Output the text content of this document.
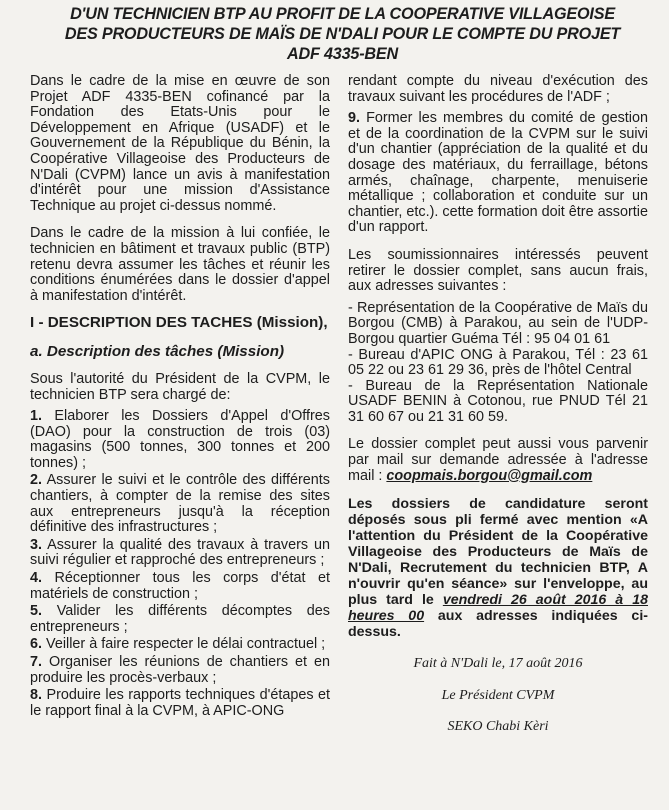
D'UN TECHNICIEN BTP AU PROFIT DE LA COOPERATIVE VILLAGEOISE
DES PRODUCTEURS DE MAÏS DE N'DALI POUR LE COMPTE DU PROJET
ADF 4335-BEN

Dans le cadre de la mise en œuvre de son Projet ADF 4335-BEN cofinancé par la Fondation des Etats-Unis pour le Développement en Afrique (USADF) et le Gouvernement de la République du Bénin, la Coopérative Villageoise des Producteurs de N'Dali (CVPM) lance un avis à manifestation d'intérêt pour une mission d'Assistance Technique au projet ci-dessus nommé.

Dans le cadre de la mission à lui confiée, le technicien en bâtiment et travaux public (BTP) retenu devra assumer les tâches et réunir les conditions énumérées dans le dossier d'appel à manifestation d'intérêt.

I - DESCRIPTION DES TACHES (Mission),
a. Description des tâches (Mission)

Sous l'autorité du Président de la CVPM, le technicien BTP sera chargé de:

1. Elaborer les Dossiers d'Appel d'Offres (DAO) pour la construction de trois (03) magasins (500 tonnes, 300 tonnes et 200 tonnes) ;
2. Assurer le suivi et le contrôle des différents chantiers, à compter de la remise des sites aux entrepreneurs jusqu'à la réception définitive des infrastructures ;
3. Assurer la qualité des travaux à travers un suivi régulier et rapproché des entrepreneurs ;
4. Réceptionner tous les corps d'état et matériels de construction ;
5. Valider les différents décomptes des entrepreneurs ;
6. Veiller à faire respecter le délai contractuel ;
7. Organiser les réunions de chantiers et en produire les procès-verbaux ;
8. Produire les rapports techniques d'étapes et le rapport final à la CVPM, à APIC-ONG

rendant compte du niveau d'exécution des travaux suivant les procédures de l'ADF ;

9. Former les membres du comité de gestion et de la coordination de la CVPM sur le suivi d'un chantier (appréciation de la qualité et du dosage des matériaux, du ferraillage, bétons armés, chaînage, charpente, menuiserie métallique ; collaboration et conduite sur un chantier, etc.). cette formation doit être assortie d'un rapport.

Les soumissionnaires intéressés peuvent retirer le dossier complet, sans aucun frais, aux adresses suivantes :

- Représentation de la Coopérative de Maïs du Borgou (CMB) à Parakou, au sein de l'UDP-Borgou quartier Guéma Tél : 95 04 01 61
- Bureau d'APIC ONG à Parakou, Tél : 23 61 05 22 ou 23 61 29 36, près de l'hôtel Central
- Bureau de la Représentation Nationale USADF BENIN à Cotonou, rue PNUD Tél 21 31 60 67 ou 21 31 60 59.

Le dossier complet peut aussi vous parvenir par mail sur demande adressée à l'adresse mail : coopmais.borgou@gmail.com

Les dossiers de candidature seront déposés sous pli fermé avec mention «A l'attention du Président de la Coopérative Villageoise des Producteurs de Maïs de N'Dali, Recrutement du technicien BTP, A n'ouvrir qu'en séance» sur l'enveloppe, au plus tard le vendredi 26 août 2016 à 18 heures 00 aux adresses indiquées ci-dessus.

Fait à N'Dali le, 17 août 2016
Le Président CVPM
SEKO Chabi Kèri
